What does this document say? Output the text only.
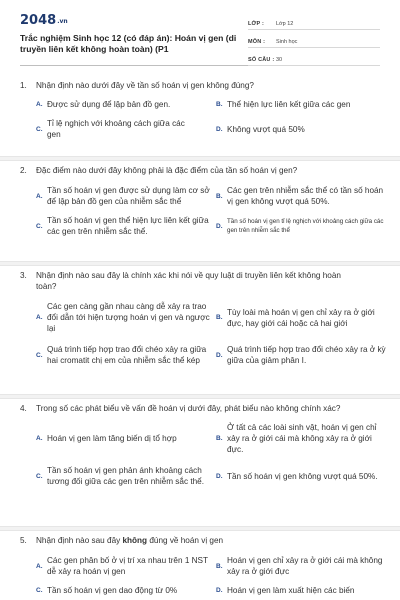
2048.vn
Trắc nghiệm Sinh học 12 (có đáp án): Hoán vị gen (di truyền liên kết không hoàn toàn) (P1
LỚP :	Lớp 12
MÔN :	Sinh học
SỐ CÂU : 30
1.	Nhận định nào dưới đây về tần số hoán vị gen không đúng?
A. Được sử dụng để lập bản đồ gen.	B. Thể hiện lực liên kết giữa các gen
C.
Tỉ lệ nghịch với khoảng cách giữa các gen
D. Không vượt quá 50%
2.	Đặc điểm nào dưới đây không phải là đặc điểm của tần số hoán vị gen?
A.
Tần số hoán vị gen được sử dụng làm cơ sở để lập bản đồ gen của nhiễm sắc thể
B.
Các gen trên nhiễm sắc thể có tần số hoán vị gen không vượt quá 50%.
C.
Tần số hoán vị gen thể hiện lực liên kết giữa các gen trên nhiễm sắc thể.
D.
Tần số hoán vị gen tỉ lệ nghịch với khoảng cách giữa các gen trên nhiễm sắc thể
3.	Nhận định nào sau đây là chính xác khi nói về quy luật di truyền liên kết không hoàn toàn?
A.
Các gen càng gần nhau càng dễ xảy ra trao đổi dẫn tới hiện tượng hoán vị gen và ngược lại
B.
Tùy loài mà hoán vị gen chỉ xảy ra ở giới đực, hay giới cái hoặc cả hai giới
C.
Quá trình tiếp hợp trao đổi chéo xảy ra giữa hai cromatit chị em của nhiễm sắc thể kép
D.
Quá trình tiếp hợp trao đổi chéo xảy ra ở kỳ giữa của giảm phân I.
4.	Trong số các phát biểu về vấn đề hoán vị dưới đây, phát biểu nào không chính xác?
A. Hoán vị gen làm tăng biến dị tổ hợp	B.
Ở tất cả các loài sinh vật, hoán vị gen chỉ xảy ra ở giới cái mà không xảy ra ở giới đực.
C.
Tần số hoán vị gen phản ánh khoảng cách tương đối giữa các gen trên nhiễm sắc thể.
D. Tần số hoán vị gen không vượt quá 50%.
5.	Nhận định nào sau đây không đúng về hoán vị gen
A.
Các gen phân bố ở vị trí xa nhau trên 1 NST dễ xảy ra hoán vị gen
B.
Hoán vị gen chỉ xảy ra ở giới cái mà không xảy ra ở giới đực
C. Tần số hoán vị gen dao động từ 0%	D. Hoán vị gen làm xuất hiện các biến
